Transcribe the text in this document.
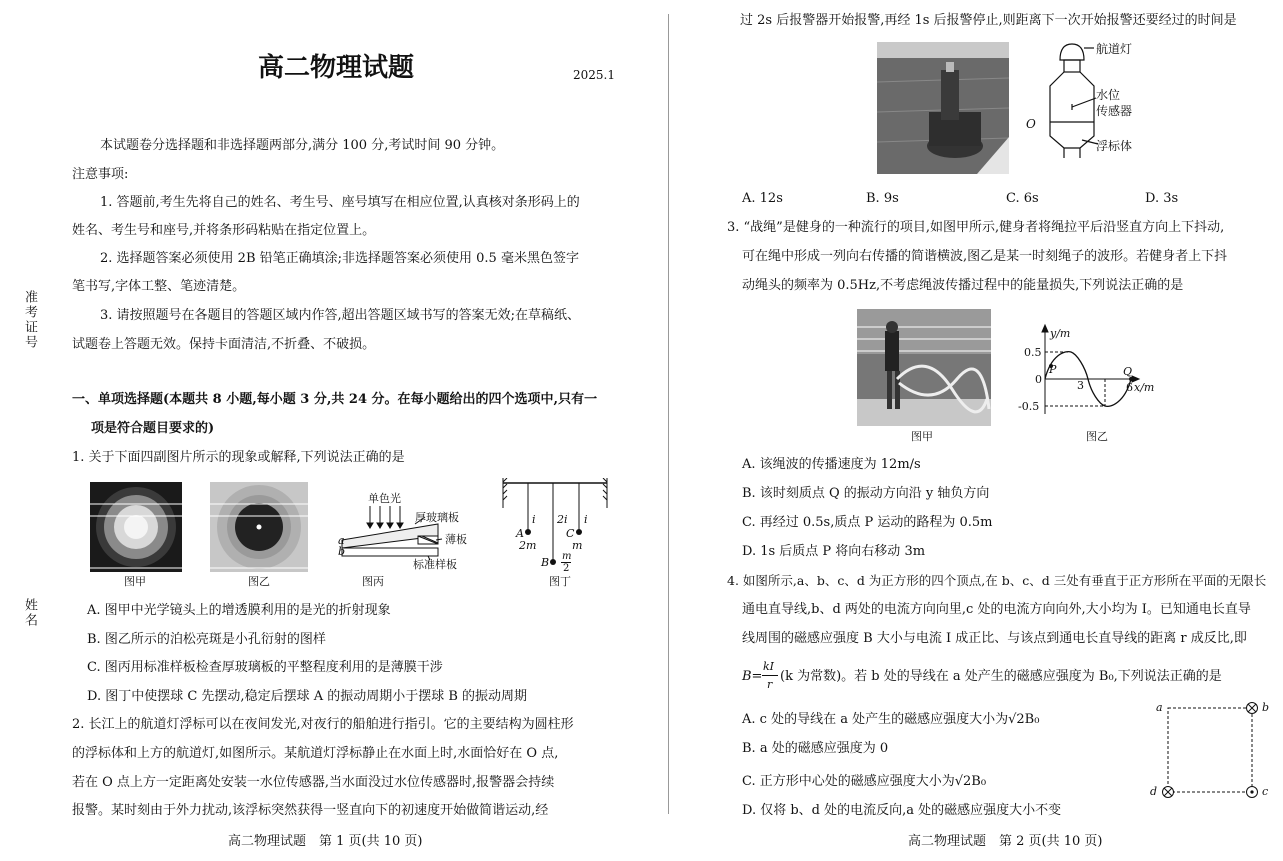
准考证号
姓名
高二物理试题	2025.1
本试题卷分选择题和非选择题两部分,满分 100 分,考试时间 90 分钟。
注意事项:
1. 答题前,考生先将自己的姓名、考生号、座号填写在相应位置,认真核对条形码上的
姓名、考生号和座号,并将条形码粘贴在指定位置上。
2. 选择题答案必须使用 2B 铅笔正确填涂;非选择题答案必须使用 0.5 毫米黑色签字
笔书写,字体工整、笔迹清楚。
3. 请按照题号在各题目的答题区域内作答,超出答题区域书写的答案无效;在草稿纸、
试题卷上答题无效。保持卡面清洁,不折叠、不破损。
一、单项选择题(本题共 8 小题,每小题 3 分,共 24 分。在每小题给出的四个选项中,只有一
项是符合题目要求的)
1. 关于下面四副图片所示的现象或解释,下列说法正确的是
图甲	图乙
单色光
厚玻璃板
薄板
标准样板
a
b
图丙
i 2i i
A
2m
C
m
B m
2
图丁
A. 图甲中光学镜头上的增透膜利用的是光的折射现象
B. 图乙所示的泊松亮斑是小孔衍射的图样
C. 图丙用标准样板检查厚玻璃板的平整程度利用的是薄膜干涉
D. 图丁中使摆球 C 先摆动,稳定后摆球 A 的振动周期小于摆球 B 的振动周期
2. 长江上的航道灯浮标可以在夜间发光,对夜行的船舶进行指引。它的主要结构为圆柱形
的浮标体和上方的航道灯,如图所示。某航道灯浮标静止在水面上时,水面恰好在 O 点,
若在 O 点上方一定距离处安装一水位传感器,当水面没过水位传感器时,报警器会持续
报警。某时刻由于外力扰动,该浮标突然获得一竖直向下的初速度开始做简谐运动,经
高二物理试题　第 1 页(共 10 页)
过 2s 后报警器开始报警,再经 1s 后报警停止,则距离下一次开始报警还要经过的时间是
航道灯
水位
传感器
浮标体
O
A. 12s	B. 9s	C. 6s	D. 3s
3. “战绳”是健身的一种流行的项目,如图甲所示,健身者将绳拉平后沿竖直方向上下抖动,
可在绳中形成一列向右传播的简谐横波,图乙是某一时刻绳子的波形。若健身者上下抖
动绳头的频率为 0.5Hz,不考虑绳波传播过程中的能量损失,下列说法正确的是
图甲
y/m
0.5
-0.5
0	3	6 x/m
P	Q
图乙
A. 该绳波的传播速度为 12m/s
B. 该时刻质点 Q 的振动方向沿 y 轴负方向
C. 再经过 0.5s,质点 P 运动的路程为 0.5m
D. 1s 后质点 P 将向右移动 3m
4. 如图所示,a、b、c、d 为正方形的四个顶点,在 b、c、d 三处有垂直于正方形所在平面的无限长
通电直导线,b、d 两处的电流方向向里,c 处的电流方向向外,大小均为 I。已知通电长直导
线周围的磁感应强度 B 大小与电流 I 成正比、与该点到通电长直导线的距离 r 成反比,即
B=
kI
r
(k 为常数)。若 b 处的导线在 a 处产生的磁感应强度为 B₀,下列说法正确的是
A. c 处的导线在 a 处产生的磁感应强度大小为√2B₀
B. a 处的磁感应强度为 0
C. 正方形中心处的磁感应强度大小为√2B₀
D. 仅将 b、d 处的电流反向,a 处的磁感应强度大小不变
a	b
d	c
高二物理试题　第 2 页(共 10 页)
